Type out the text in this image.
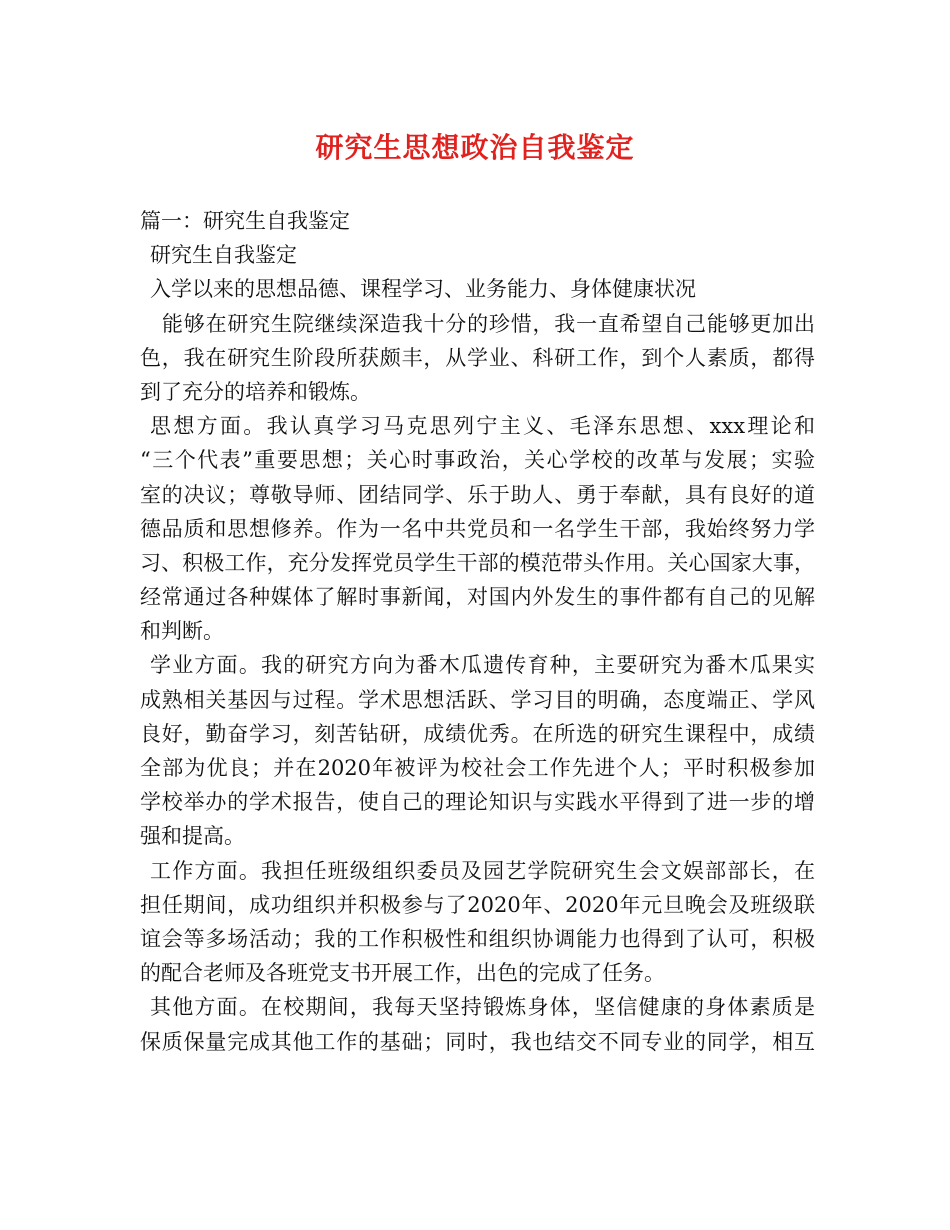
研究生思想政治自我鉴定
篇一：研究生自我鉴定
研究生自我鉴定
入学以来的思想品德、课程学习、业务能力、身体健康状况
能够在研究生院继续深造我十分的珍惜，我一直希望自己能够更加出
色，我在研究生阶段所获颇丰，从学业、科研工作，到个人素质，都得
到了充分的培养和锻炼。
思想方面。我认真学习马克思列宁主义、毛泽东思想、xxx理论和
“三个代表”重要思想；关心时事政治，关心学校的改革与发展；实验
室的决议；尊敬导师、团结同学、乐于助人、勇于奉献，具有良好的道
德品质和思想修养。作为一名中共党员和一名学生干部，我始终努力学
习、积极工作，充分发挥党员学生干部的模范带头作用。关心国家大事，
经常通过各种媒体了解时事新闻，对国内外发生的事件都有自己的见解
和判断。
学业方面。我的研究方向为番木瓜遗传育种，主要研究为番木瓜果实
成熟相关基因与过程。学术思想活跃、学习目的明确，态度端正、学风
良好，勤奋学习，刻苦钻研，成绩优秀。在所选的研究生课程中，成绩
全部为优良；并在2020年被评为校社会工作先进个人；平时积极参加
学校举办的学术报告，使自己的理论知识与实践水平得到了进一步的增
强和提高。
工作方面。我担任班级组织委员及园艺学院研究生会文娱部部长，在
担任期间，成功组织并积极参与了2020年、2020年元旦晚会及班级联
谊会等多场活动；我的工作积极性和组织协调能力也得到了认可，积极
的配合老师及各班党支书开展工作，出色的完成了任务。
其他方面。在校期间，我每天坚持锻炼身体，坚信健康的身体素质是
保质保量完成其他工作的基础；同时，我也结交不同专业的同学，相互
